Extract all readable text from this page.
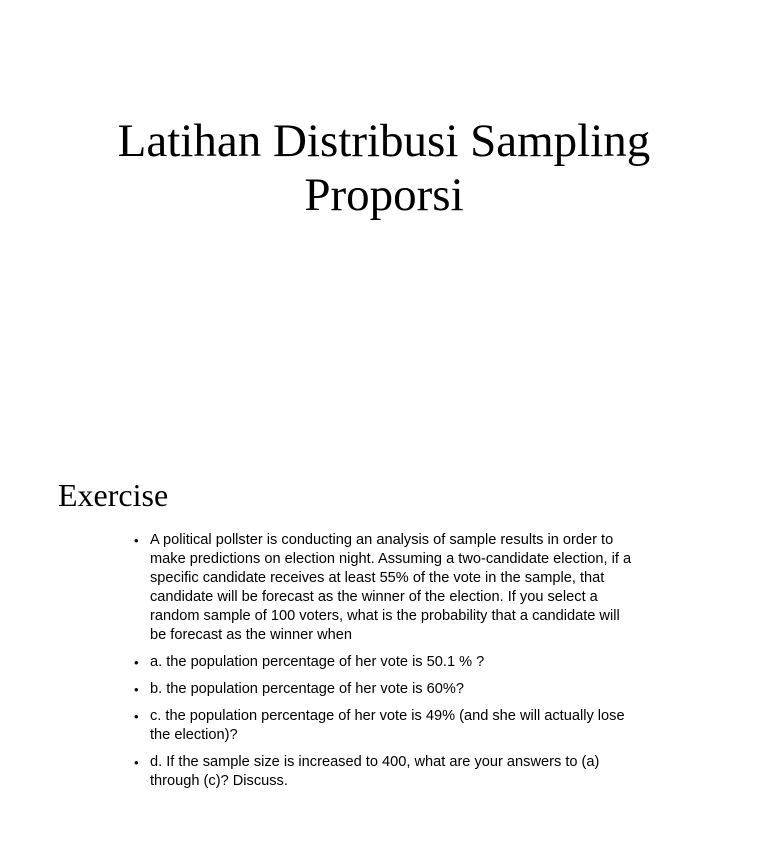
Latihan Distribusi Sampling
Proporsi
Exercise
• A political pollster is conducting an analysis of sample results in order to make predictions on election night. Assuming a two-candidate election, if a specific candidate receives at least 55% of the vote in the sample, that candidate will be forecast as the winner of the election. If you select a random sample of 100 voters, what is the probability that a candidate will be forecast as the winner when
• a. the population percentage of her vote is 50.1 % ?
• b. the population percentage of her vote is 60%?
• c. the population percentage of her vote is 49% (and she will actually lose the election)?
• d. If the sample size is increased to 400, what are your answers to (a) through (c)? Discuss.
